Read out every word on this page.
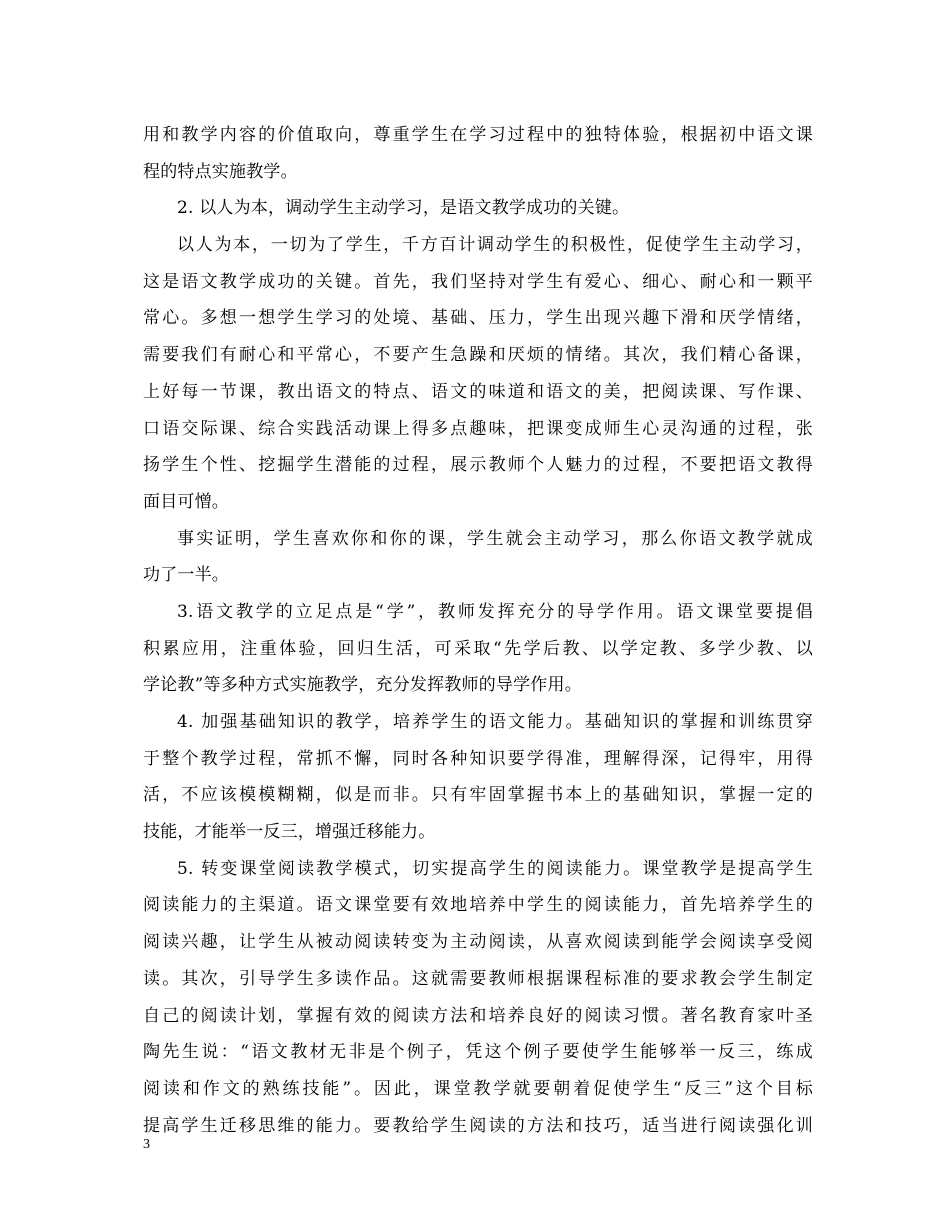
用和教学内容的价值取向，尊重学生在学习过程中的独特体验，根据初中语文课
程的特点实施教学。
2. 以人为本，调动学生主动学习，是语文教学成功的关键。
以人为本，一切为了学生，千方百计调动学生的积极性，促使学生主动学习，
这是语文教学成功的关键。首先，我们坚持对学生有爱心、细心、耐心和一颗平
常心。多想一想学生学习的处境、基础、压力，学生出现兴趣下滑和厌学情绪，
需要我们有耐心和平常心，不要产生急躁和厌烦的情绪。其次，我们精心备课，
上好每一节课，教出语文的特点、语文的味道和语文的美，把阅读课、写作课、
口语交际课、综合实践活动课上得多点趣味，把课变成师生心灵沟通的过程，张
扬学生个性、挖掘学生潜能的过程，展示教师个人魅力的过程，不要把语文教得
面目可憎。
事实证明，学生喜欢你和你的课，学生就会主动学习，那么你语文教学就成
功了一半。
3.语文教学的立足点是“学”，教师发挥充分的导学作用。语文课堂要提倡
积累应用，注重体验，回归生活，可采取“先学后教、以学定教、多学少教、以
学论教”等多种方式实施教学，充分发挥教师的导学作用。
4. 加强基础知识的教学，培养学生的语文能力。基础知识的掌握和训练贯穿
于整个教学过程，常抓不懈，同时各种知识要学得准，理解得深，记得牢，用得
活，不应该模模糊糊，似是而非。只有牢固掌握书本上的基础知识，掌握一定的
技能，才能举一反三，增强迁移能力。
5. 转变课堂阅读教学模式，切实提高学生的阅读能力。课堂教学是提高学生
阅读能力的主渠道。语文课堂要有效地培养中学生的阅读能力，首先培养学生的
阅读兴趣，让学生从被动阅读转变为主动阅读，从喜欢阅读到能学会阅读享受阅
读。其次，引导学生多读作品。这就需要教师根据课程标准的要求教会学生制定
自己的阅读计划，掌握有效的阅读方法和培养良好的阅读习惯。著名教育家叶圣
陶先生说：“语文教材无非是个例子，凭这个例子要使学生能够举一反三，练成
阅读和作文的熟练技能”。因此，课堂教学就要朝着促使学生“反三”这个目标
提高学生迁移思维的能力。要教给学生阅读的方法和技巧，适当进行阅读强化训
3
